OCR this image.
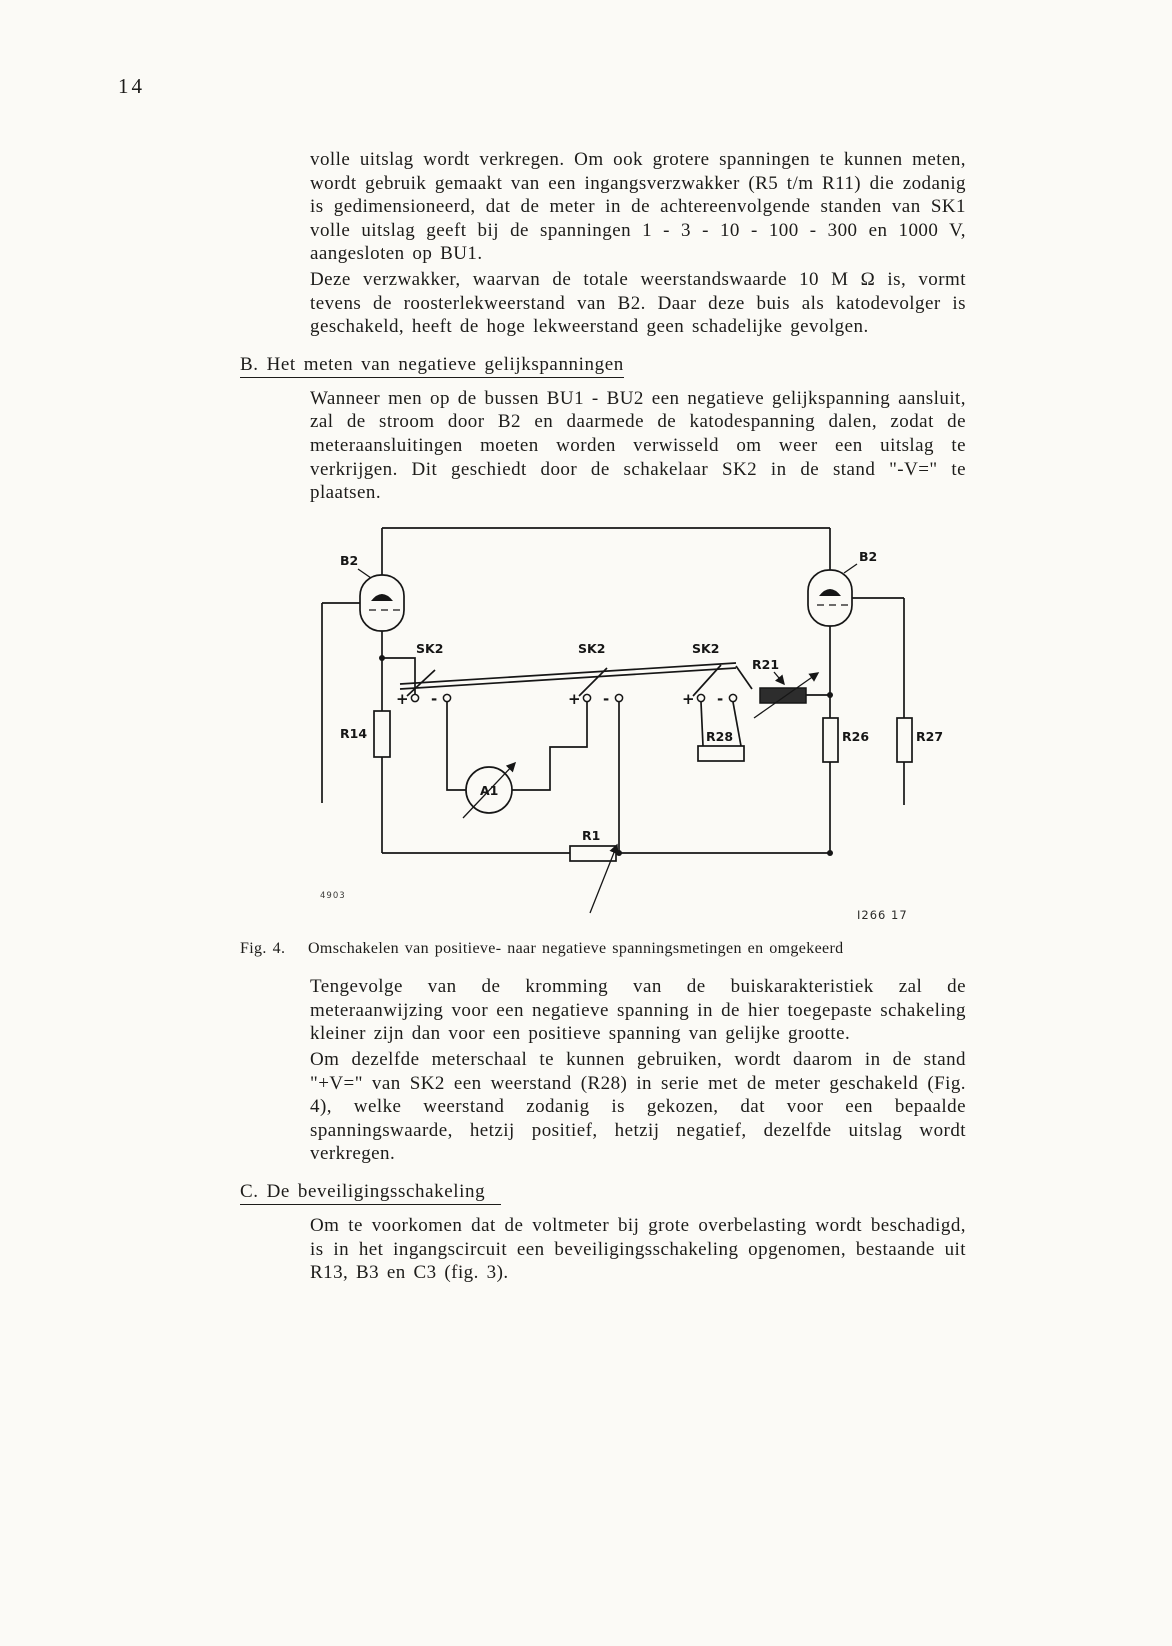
14

volle uitslag wordt verkregen. Om ook grotere spanningen te kunnen meten, wordt gebruik gemaakt van een ingangsverzwakker (R5 t/m R11) die zodanig is gedimensioneerd, dat de meter in de achtereenvolgende standen van SK1 volle uitslag geeft bij de spanningen 1 - 3 - 10 - 100 - 300 en 1000 V, aangesloten op BU1.

Deze verzwakker, waarvan de totale weerstandswaarde 10 M Ω is, vormt tevens de roosterlekweerstand van B2. Daar deze buis als katodevolger is geschakeld, heeft de hoge lekweerstand geen schadelijke gevolgen.

B. Het meten van negatieve gelijkspanningen

Wanneer men op de bussen BU1 - BU2 een negatieve gelijkspanning aansluit, zal de stroom door B2 en daarmede de katodespanning dalen, zodat de meteraansluitingen moeten worden verwisseld om weer een uitslag te verkrijgen. Dit geschiedt door de schakelaar SK2 in de stand "-V=" te plaatsen.

B2	B2
SK2	SK2	SK2
+ -	+ -	+ -
R14
A1
R28
R21
R26	R27
R1
4903
I266 17
Fig. 4.	Omschakelen van positieve- naar negatieve spanningsmetingen en omgekeerd

Tengevolge van de kromming van de buiskarakteristiek zal de meteraanwijzing voor een negatieve spanning in de hier toegepaste schakeling kleiner zijn dan voor een positieve spanning van gelijke grootte.

Om dezelfde meterschaal te kunnen gebruiken, wordt daarom in de stand "+V=" van SK2 een weerstand (R28) in serie met de meter geschakeld (Fig. 4), welke weerstand zodanig is gekozen, dat voor een bepaalde spanningswaarde, hetzij positief, hetzij negatief, dezelfde uitslag wordt verkregen.

C. De beveiligingsschakeling

Om te voorkomen dat de voltmeter bij grote overbelasting wordt beschadigd, is in het ingangscircuit een beveiligingsschakeling opgenomen, bestaande uit R13, B3 en C3 (fig. 3).
